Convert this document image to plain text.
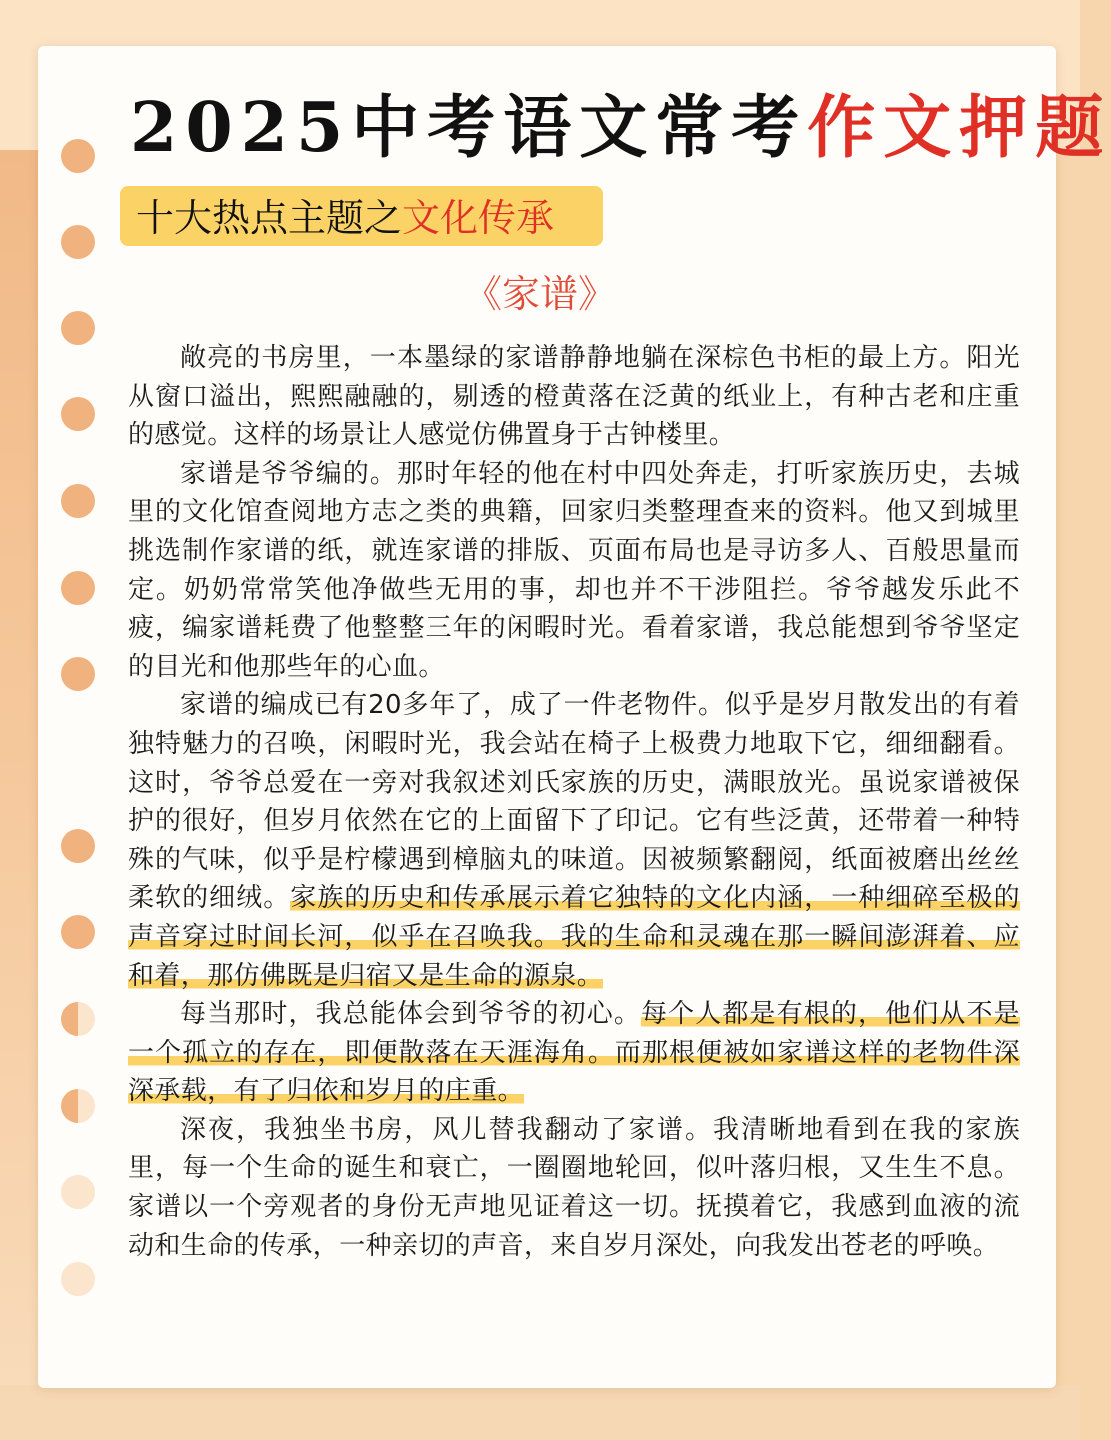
2025中考语文常考作文押题
十大热点主题之文化传承
《家谱》

敞亮的书房里，一本墨绿的家谱静静地躺在深棕色书柜的最上方。阳光从窗口溢出，熙熙融融的，剔透的橙黄落在泛黄的纸业上，有种古老和庄重的感觉。这样的场景让人感觉仿佛置身于古钟楼里。

家谱是爷爷编的。那时年轻的他在村中四处奔走，打听家族历史，去城里的文化馆查阅地方志之类的典籍，回家归类整理查来的资料。他又到城里挑选制作家谱的纸，就连家谱的排版、页面布局也是寻访多人、百般思量而定。奶奶常常笑他净做些无用的事，却也并不干涉阻拦。爷爷越发乐此不疲，编家谱耗费了他整整三年的闲暇时光。看着家谱，我总能想到爷爷坚定的目光和他那些年的心血。

家谱的编成已有20多年了，成了一件老物件。似乎是岁月散发出的有着独特魅力的召唤，闲暇时光，我会站在椅子上极费力地取下它，细细翻看。这时，爷爷总爱在一旁对我叙述刘氏家族的历史，满眼放光。虽说家谱被保护的很好，但岁月依然在它的上面留下了印记。它有些泛黄，还带着一种特殊的气味，似乎是柠檬遇到樟脑丸的味道。因被频繁翻阅，纸面被磨出丝丝柔软的细绒。家族的历史和传承展示着它独特的文化内涵，一种细碎至极的声音穿过时间长河，似乎在召唤我。我的生命和灵魂在那一瞬间澎湃着、应和着，那仿佛既是归宿又是生命的源泉。

每当那时，我总能体会到爷爷的初心。每个人都是有根的，他们从不是一个孤立的存在，即便散落在天涯海角。而那根便被如家谱这样的老物件深深承载，有了归依和岁月的庄重。

深夜，我独坐书房，风儿替我翻动了家谱。我清晰地看到在我的家族里，每一个生命的诞生和衰亡，一圈圈地轮回，似叶落归根，又生生不息。家谱以一个旁观者的身份无声地见证着这一切。抚摸着它，我感到血液的流动和生命的传承，一种亲切的声音，来自岁月深处，向我发出苍老的呼唤。
